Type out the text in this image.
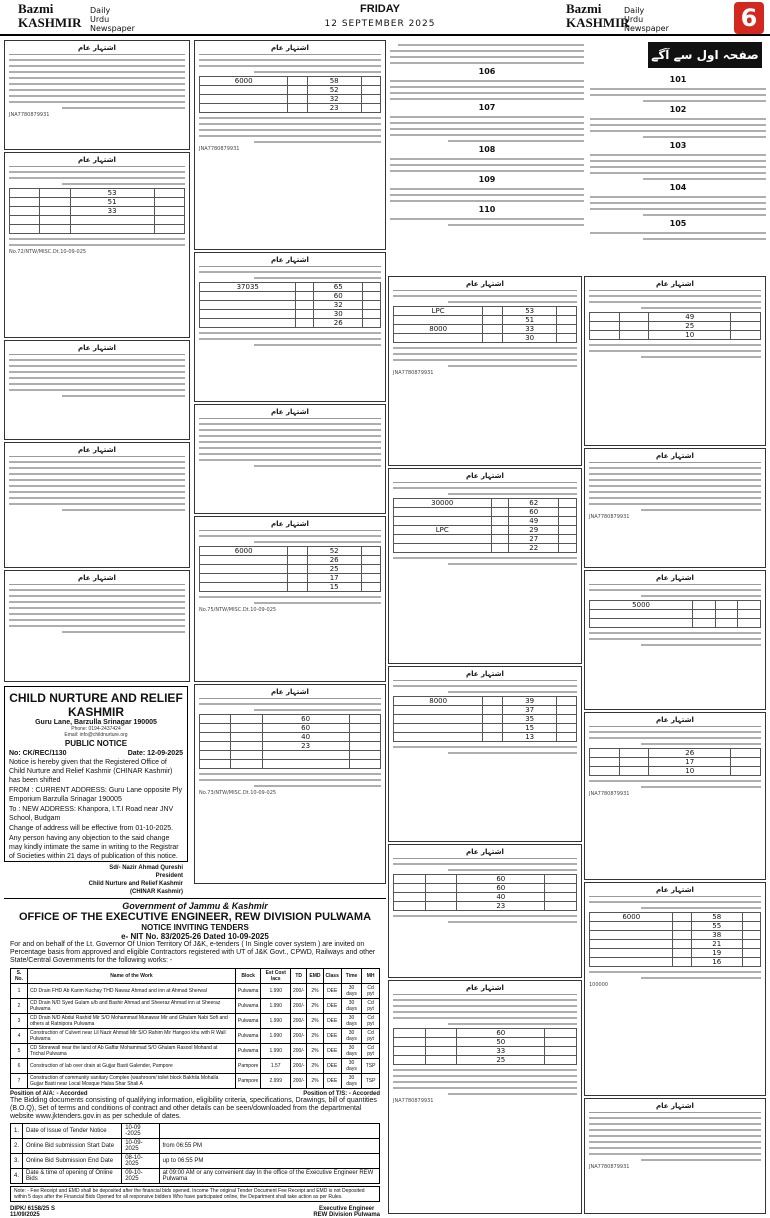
Bazmi
KASHMIR
Daily
Urdu Newspaper
FRIDAY
12 SEPTEMBER 2025
Bazmi
KASHMIR
Daily
Urdu Newspaper	6
صفحہ اول سے آگے
101
102
103
104
105
106
107
108
109
110
اشتہار عام
6000		58	
		52	
		32	
		23	
JNA7780879931
اشتہار عام
37035		65	
		60	
		32	
		30	
		26	
اشتہار عام
اشتہار عام
6000		52	
		26	
		25	
		17	
		15	
No.75/NTW/MISC.Dt.10-09-025
اشتہار عام
		60	
		60	
		40	
		23	

No.73/NTW/MISC.Dt.10-09-025
اشتہار عام
JNA7780879931
اشتہار عام
		53	
		51	
		33	

No.72/NTW/MISC.Dt.10-09-025
اشتہار عام
اشتہار عام
اشتہار عام
CHILD NURTURE AND RELIEF KASHMIR
Guru Lane, Barzulla Srinagar 190005
Phone: 0194-2437424
Email: info@childnurture.org
PUBLIC NOTICE
No: CK/REC/1130	Date: 12-09-2025

Notice is hereby given that the Registered Office of Child Nurture and Relief Kashmir (CHINAR Kashmir) has been shifted

FROM : CURRENT ADDRESS: Guru Lane opposite Ply Emporium Barzulla Srinagar 190005

To : NEW ADDRESS: Khanpora, I.T.I Road near JNV School, Budgam

Change of address will be effective from 01-10-2025.

Any person having any objection to the said change may kindly intimate the same in writing to the Registrar of Societies within 21 days of publication of this notice.

Sd/- Nazir Ahmad Qureshi
President
Child Nurture and Relief Kashmir
(CHINAR Kashmir)
اشتہار عام
LPC		53	
		51	
8000		33	
		30	
JNA7780879931
اشتہار عام
30000		62	
		60	
		49	
LPC		29	
		27	
		22	
اشتہار عام
8000		39	
		37	
		35	
		15	
		13	
اشتہار عام
		60	
		60	
		40	
		23	
اشتہار عام
		60	
		50	
		33	
		25	
JNA7780879931
اشتہار عام
		49	
		25	
		10	
اشتہار عام
JNA7780879931
اشتہار عام
5000			

اشتہار عام
		26	
		17	
		10	
JNA7780879931
اشتہار عام
6000		58	
		55	
		38	
		21	
		19	
		16	
100000
اشتہار عام
JNA7780879931
Government of Jammu & Kashmir
OFFICE OF THE EXECUTIVE ENGINEER, REW DIVISION PULWAMA
NOTICE INVITING TENDERS
e- NIT No. 83/2025-26 Dated 10-09-2025

For and on behalf of the Lt. Governor Of Union Territory Of J&K, e-tenders ( In Single cover system ) are invited on Percentage basis from approved and eligible Contractors registered with UT of J&K Govt., CPWD, Railways and other State/Central Governments for the following works: -

S. No.	Name of the Work	Block	Est Cost lacs	TD	EMD	Class	Time	MH
1	CD Drain FHD Ab Karim Kuchay THD Nawaz Ahmad and inn at Ahmad Sherwal	Pulwama	1.990	200/-	2%	DEE	30 days	Cd pyt
2	CD Drain N/D Syed Gulam u/b and Bashir Ahmad and Sheeraz Ahmad inn at Sheeraz Pulwama	Pulwama	1.990	200/-	2%	DEE	30 days	Cd pyt
3	CD Drain N/D Abdul Rashid Mir S/O Mohammad Munawar Mir and Ghulam Nabi Sofi and others at Ratnipora Pulwama	Pulwama	1.990	200/-	2%	DEE	30 days	Cd pyt
4	Construction of Culvert near Lil Nazir Ahmad Mir S/O Rahim Mir Hangoo khu with R Wall Pulwama	Pulwama	1.990	200/-	2%	DEE	30 days	Cd pyt
5	CD Stonewall near the land of Ab Gaffar Mohammad S/O Ghulam Rasool Mohand at Trichal Pulwama	Pulwama	1.990	200/-	2%	DEE	30 days	Cd pyt
6	Construction of lab over drain at Gujjar Basti Galender, Pampore	Pampore	1.57	200/-	2%	DEE	30 days	TSP
7	Construction of community sanitary Complex (washroom/ toilet block Bakhila Mohalla Gujjar Basti near Local Mosque Halsa Shar Shali A	Pampore	2.999	200/-	2%	DEE	30 days	TSP
Position of A/A: - Accorded	Position of T/S: - Accorded

The Bidding documents consisting of qualifying information, eligibility criteria, specifications, Drawings, bill of quantities (B.O.Q), Set of terms and conditions of contract and other details can be seen/downloaded from the departmental website www.jktenders.gov.in as per schedule of dates.

1.	Date of Issue of Tender Notice	10-09 -2025	
2.	Online Bid submission Start Date	10-09-2025	from 06:55 PM
3.	Online Bid Submission End Date	08-10-2025	up to 06:55 PM
4.	Date & time of opening of Online Bids	09-10-2025	at 09:00 AM or any convenient day In the office of the Executive Engineer REW Pulwama
Note: - Fee Receipt and EMD shall be deposited after the financial bids opened. Income The original Tender Document Fee Receipt and EMD is not Deposited within 5 days after the Financial Bids Opened for all responsive bidders Who have participated online, the Department shall take action as per Rules.
DIPK/ 6158/25 S
11/09/2025
Executive Engineer
REW Division Pulwama
